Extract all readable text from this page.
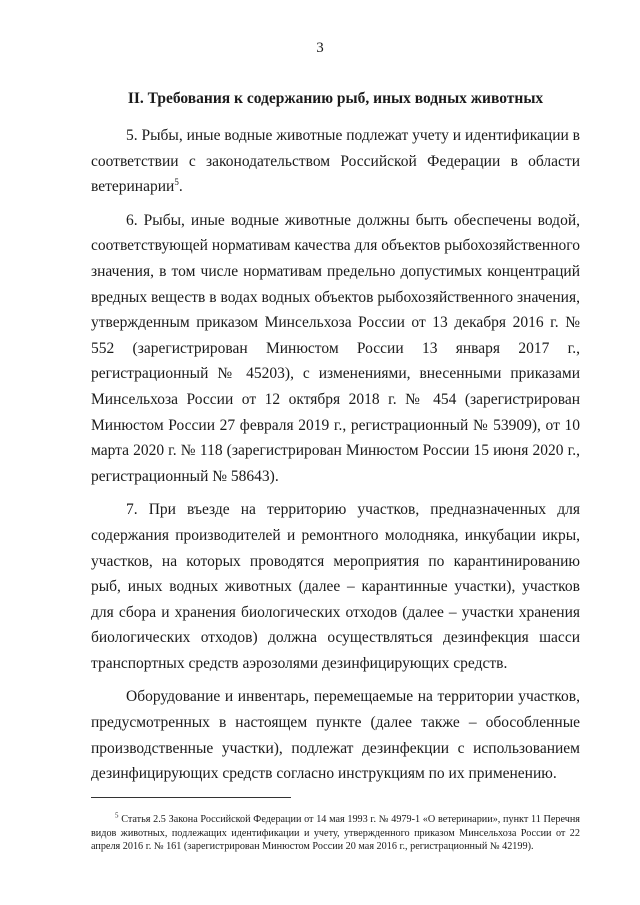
3
II. Требования к содержанию рыб, иных водных животных

5. Рыбы, иные водные животные подлежат учету и идентификации в соответствии с законодательством Российской Федерации в области ветеринарии$^5$.

6. Рыбы, иные водные животные должны быть обеспечены водой, соответствующей нормативам качества для объектов рыбохозяйственного значения, в том числе нормативам предельно допустимых концентраций вредных веществ в водах водных объектов рыбохозяйственного значения, утвержденным приказом Минсельхоза России от 13 декабря 2016 г. № 552 (зарегистрирован Минюстом России 13 января 2017 г., регистрационный № 45203), с изменениями, внесенными приказами Минсельхоза России от 12 октября 2018 г. № 454 (зарегистрирован Минюстом России 27 февраля 2019 г., регистрационный № 53909), от 10 марта 2020 г. № 118 (зарегистрирован Минюстом России 15 июня 2020 г., регистрационный № 58643).

7. При въезде на территорию участков, предназначенных для содержания производителей и ремонтного молодняка, инкубации икры, участков, на которых проводятся мероприятия по карантинированию рыб, иных водных животных (далее – карантинные участки), участков для сбора и хранения биологических отходов (далее – участки хранения биологических отходов) должна осуществляться дезинфекция шасси транспортных средств аэрозолями дезинфицирующих средств.

Оборудование и инвентарь, перемещаемые на территории участков, предусмотренных в настоящем пункте (далее также – обособленные производственные участки), подлежат дезинфекции с использованием дезинфицирующих средств согласно инструкциям по их применению.

$^5$ Статья 2.5 Закона Российской Федерации от 14 мая 1993 г. № 4979-1 «О ветеринарии», пункт 11 Перечня видов животных, подлежащих идентификации и учету, утвержденного приказом Минсельхоза России от 22 апреля 2016 г. № 161 (зарегистрирован Минюстом России 20 мая 2016 г., регистрационный № 42199).
